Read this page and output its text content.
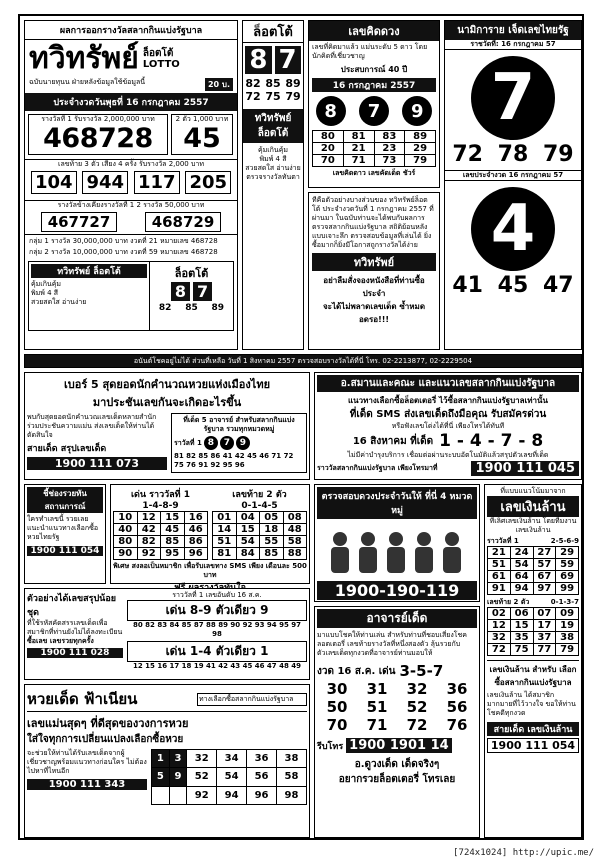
ผลการออกรางวัลสลากกินแบ่งรัฐบาล
ทวิทรัพย์ ล็อตโต้ LOTTO
ฉบับนายทุนน ฝ่ายหลังข้อมูลใช้ข้อมูลนี้	20 บ.
ประจำงวดวันพุธที่ 16 กรกฎาคม 2557
รางวัลที่ 1 รับรางวัล 2,000,000 บาท
468728
2 ตัว 1,000 บาท
45
เลขท้าย 3 ตัว เสี่ยง 4 ครั้ง รับรางวัล 2,000 บาท
104 944 117 205
รางวัลข้างเคียงรางวัลที่ 1 2 รางวัล 50,000 บาท
467727	468729
กลุ่ม 1 รางวัล 30,000,000 บาท งวดที่ 21 หมายเลข 468728
กลุ่ม 2 รางวัล 10,000,000 บาท งวดที่ 59 หมายเลข 468728
ทวิทรัพย์ ล็อตโต้
คุ้มเกินคุ้ม
พิมพ์ 4 สี
สวยสดใส อ่านง่าย
ล็อตโต้
8 7
82 85 89
ล็อตโต้
8 7
82 85 89
72 75 79
ทวิทรัพย์ ล็อตโต้
คุ้มเกินคุ้ม
พิมพ์ 4 สี
สวยสดใส อ่านง่าย
ตรวจรางวัลทันตา
เลขคิดดวง
เลขที่คิดมาแล้ว แม่นระดับ 5 ดาว โดยนักคิดที่เชี่ยวชาญ
ประสบการณ์ 40 ปี
16 กรกฎาคม 2557
8	7	9
80	81	83	89
20	21	23	29
70	71	73	79
เลขคิดดาว เลขคัดเด็ด ชัวร์
ทีคือตัวอย่างบางส่วนของ ทวิทรัพย์ล็อตโต้ ประจำงวดวันที่ 1 กรกฎาคม 2557 ที่ผ่านมา ในฉบับท่านจะได้พบกับผลการตรวจสลากกินแบ่งรัฐบาล สถิติย้อนหลังแบบเจาะลึก ตรวจสอบข้อมูลที่เล่นได้ ยิ่งซื้อมากก็ยิ่งมีโอกาสถูกรางวัลได้ง่าย
ทวิทรัพย์
อย่าลืมสั่งจองหนังสือที่ท่านซื้อประจำ
จะได้ไม่พลาดเลขเด็ด ซ้ำหมด อดรอ!!!
นามิการาย เจ็ดเลขไทยรัฐ
ราชวัดที่: 16 กรกฎาคม 57
7
72 78 79
เลขประจำงวด 16 กรกฎาคม 57
4
41 45 47
อนันต์โชคอยู่ไม่ได้ ส่วนที่เหลือ วันที่ 1 สิงหาคม 2557 ตรวจสอบรางวัลได้ที่นี่ โทร. 02-2213877, 02-2229504
เบอร์ 5 สุดยอดนักคำนวณหวยแห่งเมืองไทย
มาประชันเลขกันจะเกิดอะไรขึ้น
พบกับสุดยอดนักคำนวณเลขเด็ดหลายสำนัก ร่วมประชันความแม่น ส่งเลขเด็ดให้ท่านได้ตัดสินใจ
สายเด็ด สรุปเลขเด็ด
1900 111 073
ที่เด็ด 5 อาจารย์ สำหรับสลากกินแบ่งรัฐบาล รวมทุกหมวดหมู่
ราวัลที่ 1 8	7	9
81 82 85 86 41 42 45 46 71 72 75 76 91 92 95 96
อ.สมานและคณะ และแนวเลขสลากกินแบ่งรัฐบาล
แนวทางเลือกซื้อล็อตเตอรี่ ไว้ซื้อสลากกินแบ่งรัฐบาลเท่านั้น
ที่เด็ด SMS ส่งเลขเด็ดถึงมือคุณ รับสมัครด่วน
หรือฟังเลขโด่งได้ที่นี่ เพียงโทรได้ทันที
16 สิงหาคม ที่เด็ด 1 - 4 - 7 - 8
ไม่มีค่าบำรุงบริการ เชื่อมต่อผ่านระบบอัตโนมัติแล้วสรุปตัวเลขที่เด็ด
ราววัลสลากกินแบ่งรัฐบาล เพียงโทรมาที่	1900 111 045
ชี้ช่องรวยทันสถานการณ์
ใครทำเลขนี้ รวยเลย แนะนำแนวทางเลือกซื้อหวยไทยรัฐ
1900 111 054
เด่น ราววัลที่ 1
1-4-8-9
10	12	15	16
40	42	45	46
80	82	85	86
90	92	95	96
เลขท้าย 2 ตัว
0-1-4-5
01	04	05	08
14	15	18	48
51	54	55	58
81	84	85	88
พิเศษ สงลอเป็นหมาชิก เพื่อรับเลขทาง SMS เพียง เดือนละ 500 บาท
ตัวอย่างได้เลขสรุปน้อยชุด
ที่ใช้รหัสคัดสรรเลขเด็ดเพื่อสมาชิกที่ท่านยังไม่ได้ลงทะเบียน
ซื้อเลข เลขรวยทุกครั้ง
1900 111 028
ราววัลที่ 1 เลขอันดับ 16 ส.ค.
เด่น 8-9 ตัวเดียว 9
80 82 83 84 85 87 88 89 90 92 93 94 95 97 98
เด่น 1-4 ตัวเดียว 1
12 15 16 17 18 19 41 42 43 45 46 47 48 49
หวยเด็ด ฟ้าเนียน	ทางเลือกซื้อสลากกินแบ่งรัฐบาล
เลขแม่นสุดๆ ที่ดีสุดของวงการหวย
ใส่ใจทุกการเปลี่ยนแปลงเลือกซื้อหวย
จะช่วยให้ท่านได้รับเลขเด็ดจากผู้เชี่ยวชาญพร้อมแนวทางก่อนใคร ไม่ต้องไปหาที่ไหนอีก
1900 111 343
1	3	32	34	36	38
5	9	52	54	56	58
		92	94	96	98
ตรวจสอบดวงประจำวันให้ ที่นี่ 4 หมวดหมู่
1900-190-119
อาจารย์เด็ด
มาแบบโชคให้ท่านเล่น สำหรับท่านที่ชอบเสี่ยงโชคลอตเตอรี่ เลขท้ายรางวัลที่หนึ่งสองตัว ลุ้นรวยกับตัวเลขเด็ดทุกงวดที่อาจารย์ท่านมอบให้
งวด 16 ส.ค. เด่น 3-5-7
30 31 32 36
50 51 52 56
70 71 72 76
รีบโทร 1900 1901 14
อ.ดูวงเด็ด เด็ดจริงๆ
อยากรวยล็อตเตอรี่ โทรเลย
ที่แบบแนวโน้มมาจาก
เลขเงินล้าน
ที่เลิศเลขเงินล้าน โดยที่มงานเลขเงินล้าน
ราววัลที่ 1	2-5-6-9
21	24	27	29
51	54	57	59
61	64	67	69
91	94	97	99
เลขท้าย 2 ตัว	0-1-3-7
02	06	07	09
12	15	17	19
32	35	37	38
72	75	77	79
เลขเงินล้าน สำหรับ เลือกซื้อสลากกินแบ่งรัฐบาล
เลขเงินล้าน ได้สมาชิกมากมายที่ไว้วางใจ ขอให้ท่านโชคดีทุกงวด
สายเด็ด เลขเงินล้าน
1900 111 054
[724x1024] http://upic.me/
